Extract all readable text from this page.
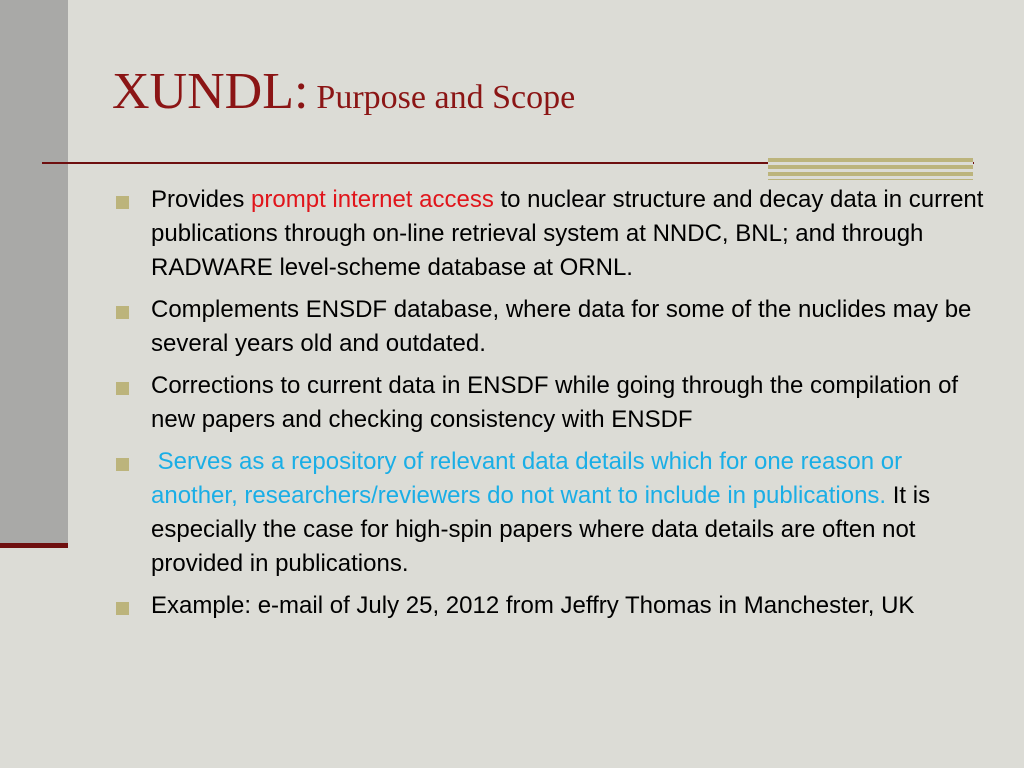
XUNDL: Purpose and Scope
Provides prompt internet access to nuclear structure and decay data in current publications through on-line retrieval system at NNDC, BNL; and through RADWARE level-scheme database at ORNL.
Complements ENSDF database, where data for some of the nuclides may be several years old and outdated.
Corrections to current data in ENSDF while going through the compilation of new papers and checking consistency with ENSDF
Serves as a repository of relevant data details which for one reason or another, researchers/reviewers do not want to include in publications. It is especially the case for high-spin papers where data details are often not provided in publications.
Example: e-mail of July 25, 2012 from Jeffry Thomas in Manchester, UK
